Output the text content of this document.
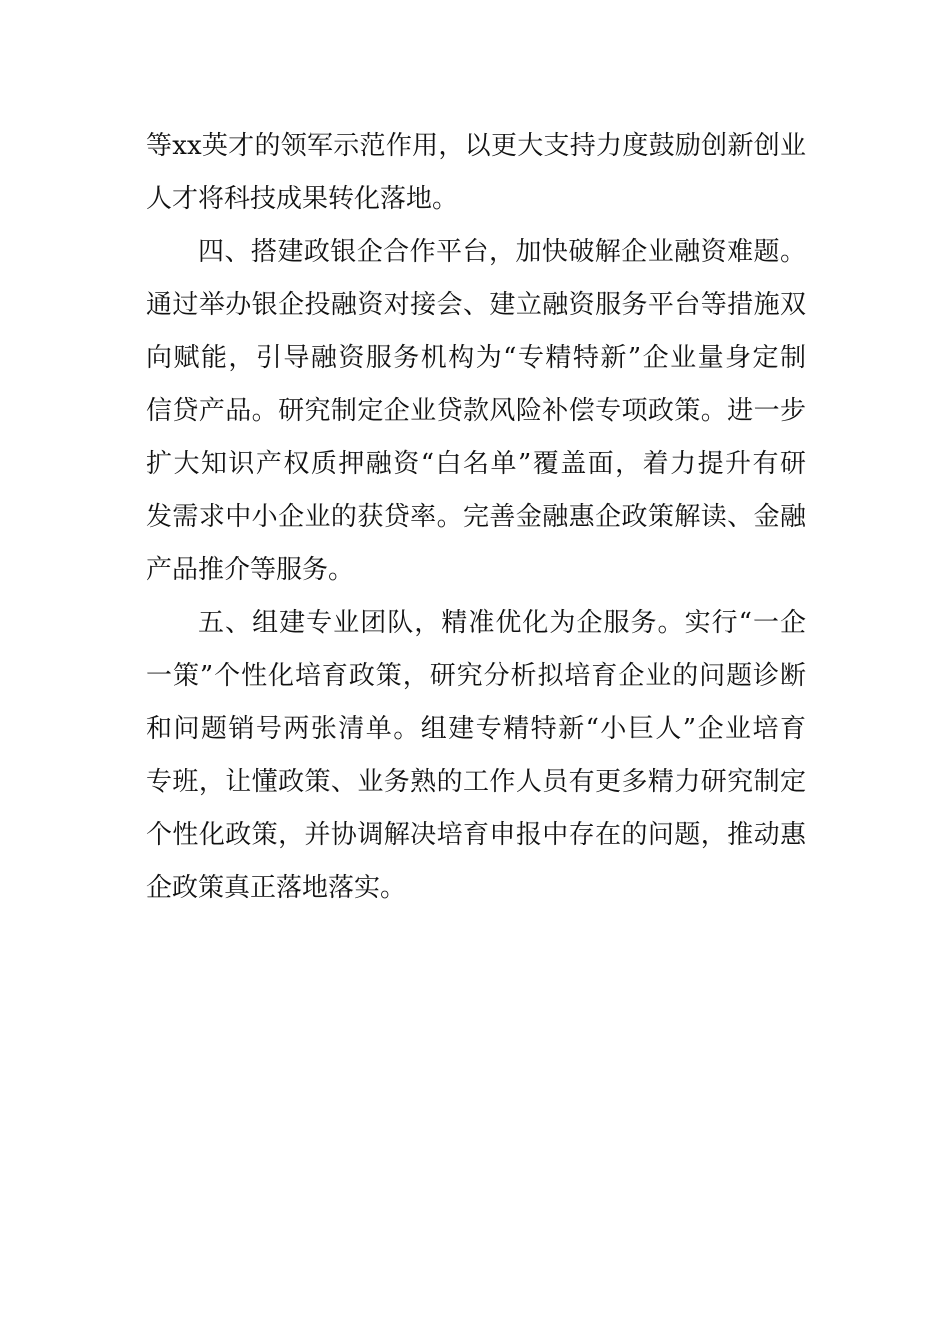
等xx英才的领军示范作用，以更大支持力度鼓励创新创业
人才将科技成果转化落地。
四、搭建政银企合作平台，加快破解企业融资难题。
通过举办银企投融资对接会、建立融资服务平台等措施双
向赋能，引导融资服务机构为“专精特新”企业量身定制
信贷产品。研究制定企业贷款风险补偿专项政策。进一步
扩大知识产权质押融资“白名单”覆盖面，着力提升有研
发需求中小企业的获贷率。完善金融惠企政策解读、金融
产品推介等服务。
五、组建专业团队，精准优化为企服务。实行“一企
一策”个性化培育政策，研究分析拟培育企业的问题诊断
和问题销号两张清单。组建专精特新“小巨人”企业培育
专班，让懂政策、业务熟的工作人员有更多精力研究制定
个性化政策，并协调解决培育申报中存在的问题，推动惠
企政策真正落地落实。
